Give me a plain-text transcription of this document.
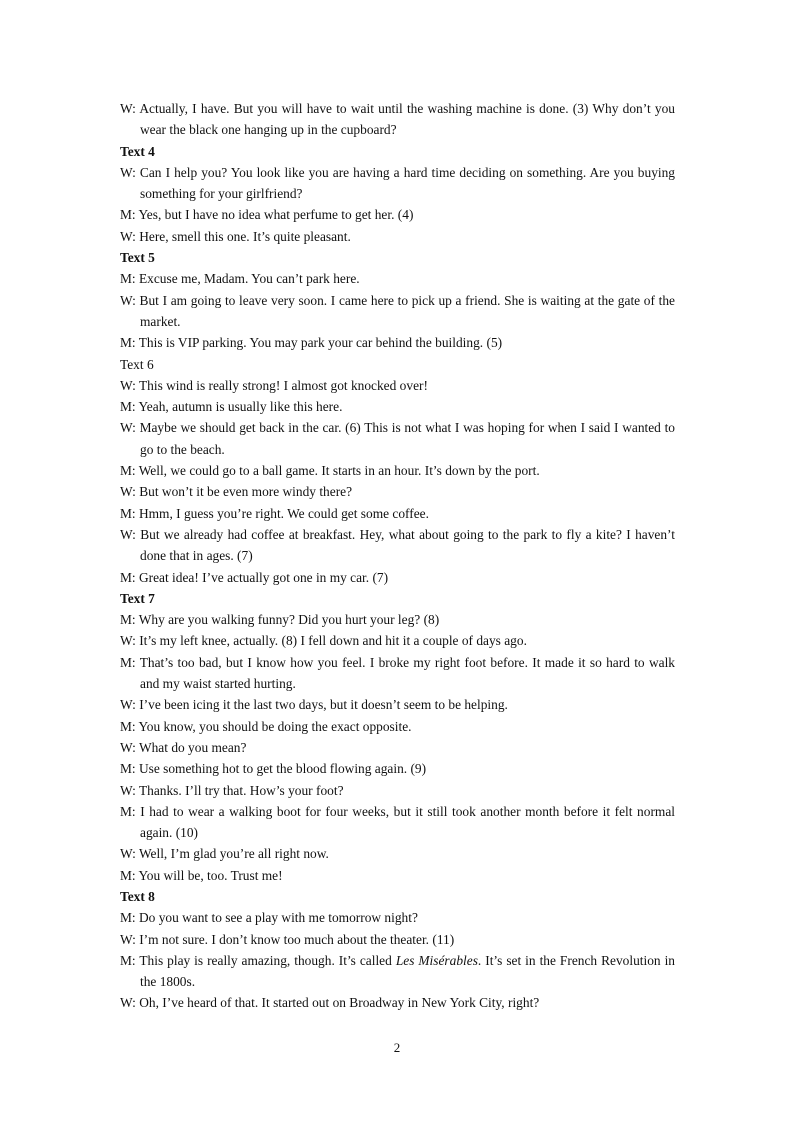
W: Actually, I have. But you will have to wait until the washing machine is done. (3) Why don’t you wear the black one hanging up in the cupboard?

Text 4

W: Can I help you? You look like you are having a hard time deciding on something. Are you buying something for your girlfriend?

M: Yes, but I have no idea what perfume to get her. (4)

W: Here, smell this one. It’s quite pleasant.

Text 5

M: Excuse me, Madam. You can’t park here.

W: But I am going to leave very soon. I came here to pick up a friend. She is waiting at the gate of the market.

M: This is VIP parking. You may park your car behind the building. (5)

Text 6

W: This wind is really strong! I almost got knocked over!

M: Yeah, autumn is usually like this here.

W: Maybe we should get back in the car. (6) This is not what I was hoping for when I said I wanted to go to the beach.

M: Well, we could go to a ball game. It starts in an hour. It’s down by the port.

W: But won’t it be even more windy there?

M: Hmm, I guess you’re right. We could get some coffee.

W: But we already had coffee at breakfast. Hey, what about going to the park to fly a kite? I haven’t done that in ages. (7)

M: Great idea! I’ve actually got one in my car. (7)

Text 7

M: Why are you walking funny? Did you hurt your leg? (8)

W: It’s my left knee, actually. (8) I fell down and hit it a couple of days ago.

M: That’s too bad, but I know how you feel. I broke my right foot before. It made it so hard to walk and my waist started hurting.

W: I’ve been icing it the last two days, but it doesn’t seem to be helping.

M: You know, you should be doing the exact opposite.

W: What do you mean?

M: Use something hot to get the blood flowing again. (9)

W: Thanks. I’ll try that. How’s your foot?

M: I had to wear a walking boot for four weeks, but it still took another month before it felt normal again. (10)

W: Well, I’m glad you’re all right now.

M: You will be, too. Trust me!

Text 8

M: Do you want to see a play with me tomorrow night?

W: I’m not sure. I don’t know too much about the theater. (11)

M: This play is really amazing, though. It’s called Les Misérables. It’s set in the French Revolution in the 1800s.

W: Oh, I’ve heard of that. It started out on Broadway in New York City, right?

2
